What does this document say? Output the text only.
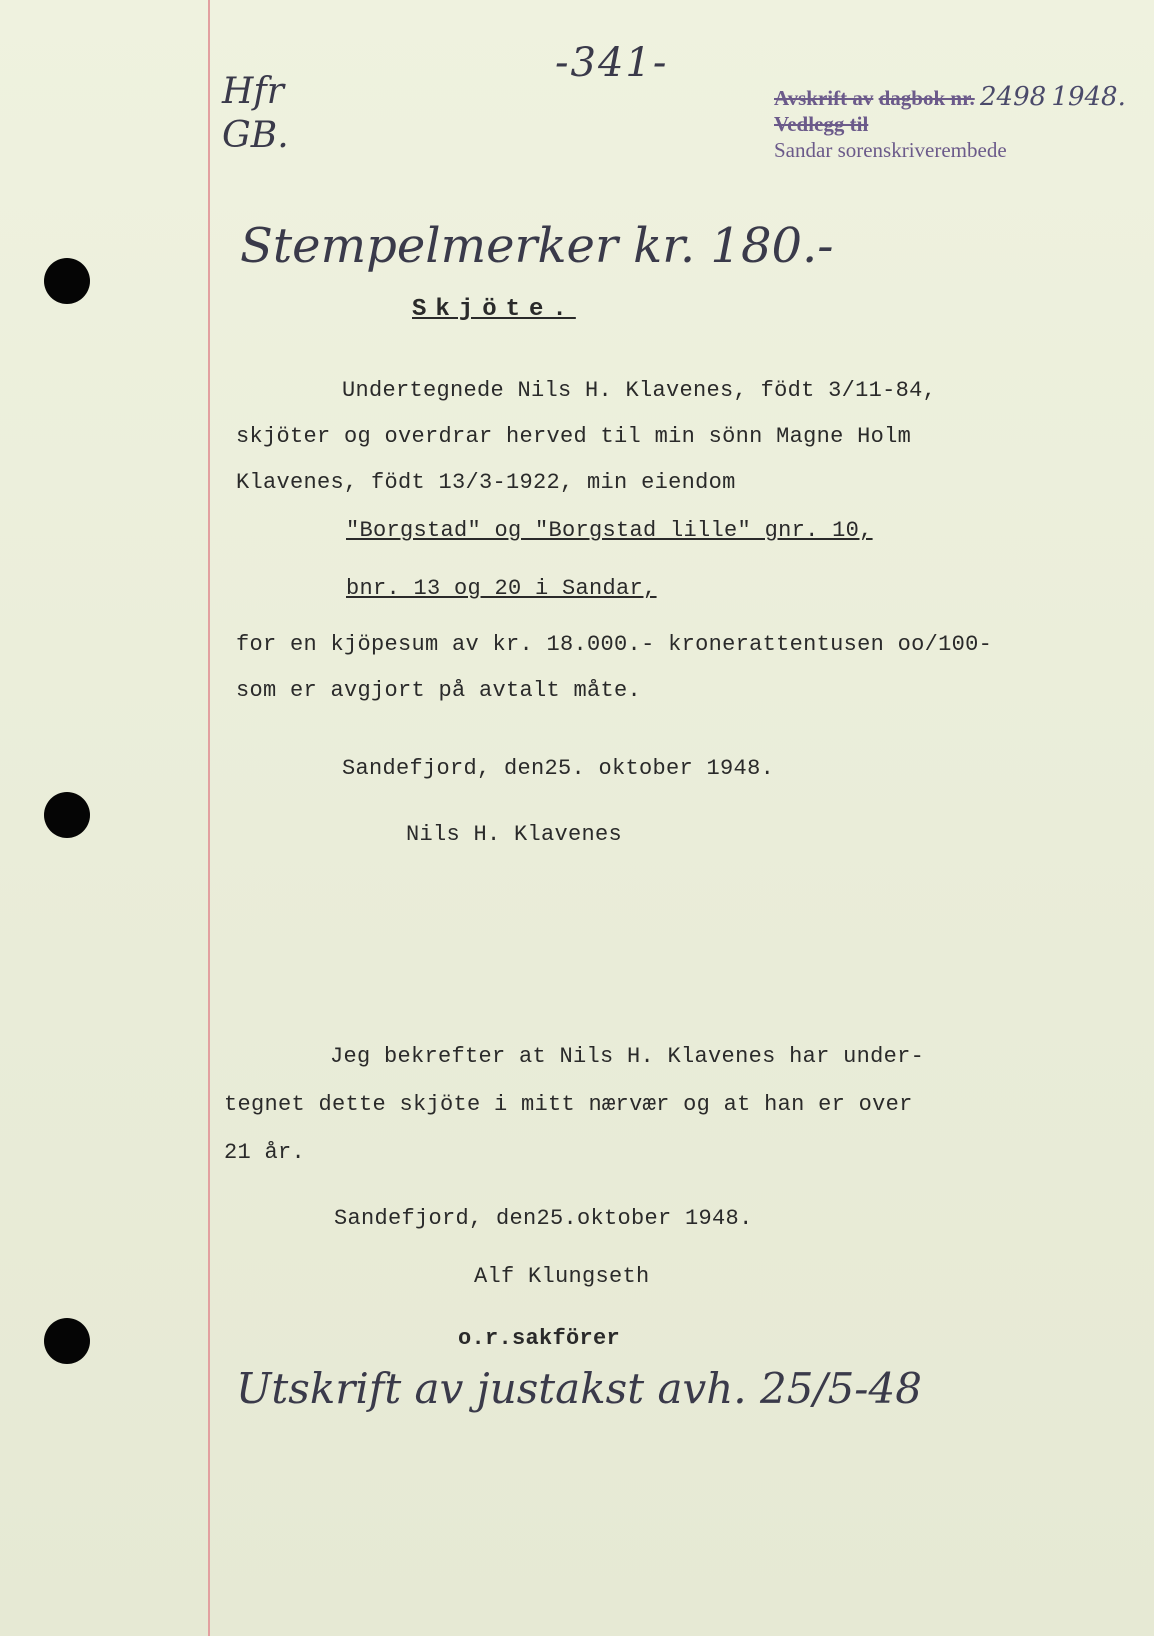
-341-
Hfr
GB.
Avskrift av dagbok nr. 2498 1948.
Vedlegg til
Sandar sorenskriverembede
Stempelmerker kr. 180.-
Skjöte.
Undertegnede Nils H. Klavenes, födt 3/11-84,
skjöter og overdrar herved til min sönn Magne Holm
Klavenes, födt 13/3-1922, min eiendom
"Borgstad" og "Borgstad lille" gnr. 10,
bnr. 13 og 20 i Sandar,
for en kjöpesum av kr. 18.000.- kronerattentusen oo/100-
som er avgjort på avtalt måte.
Sandefjord, den25. oktober 1948.
Nils H. Klavenes
Jeg bekrefter at Nils H. Klavenes har under-
tegnet dette skjöte i mitt nærvær og at han er over
21 år.
Sandefjord, den25.oktober 1948.
Alf Klungseth
o.r.sakförer
Utskrift av justakst avh. 25/5-48
